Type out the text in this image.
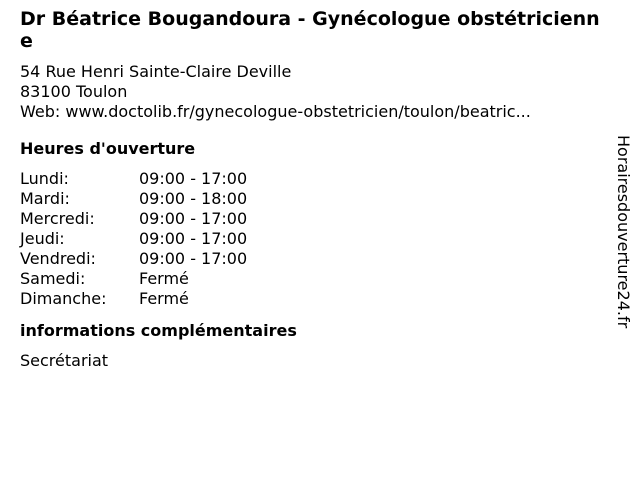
Dr Béatrice Bougandoura - Gynécologue obstétricienne
54 Rue Henri Sainte-Claire Deville
83100 Toulon
Web: www.doctolib.fr/gynecologue-obstetricien/toulon/beatric...
Heures d'ouverture
Lundi:	09:00 - 17:00
Mardi:	09:00 - 18:00
Mercredi:	09:00 - 17:00
Jeudi:	09:00 - 17:00
Vendredi:	09:00 - 17:00
Samedi:	Fermé
Dimanche:	Fermé
informations complémentaires
Secrétariat
Horairesdouverture24.fr
